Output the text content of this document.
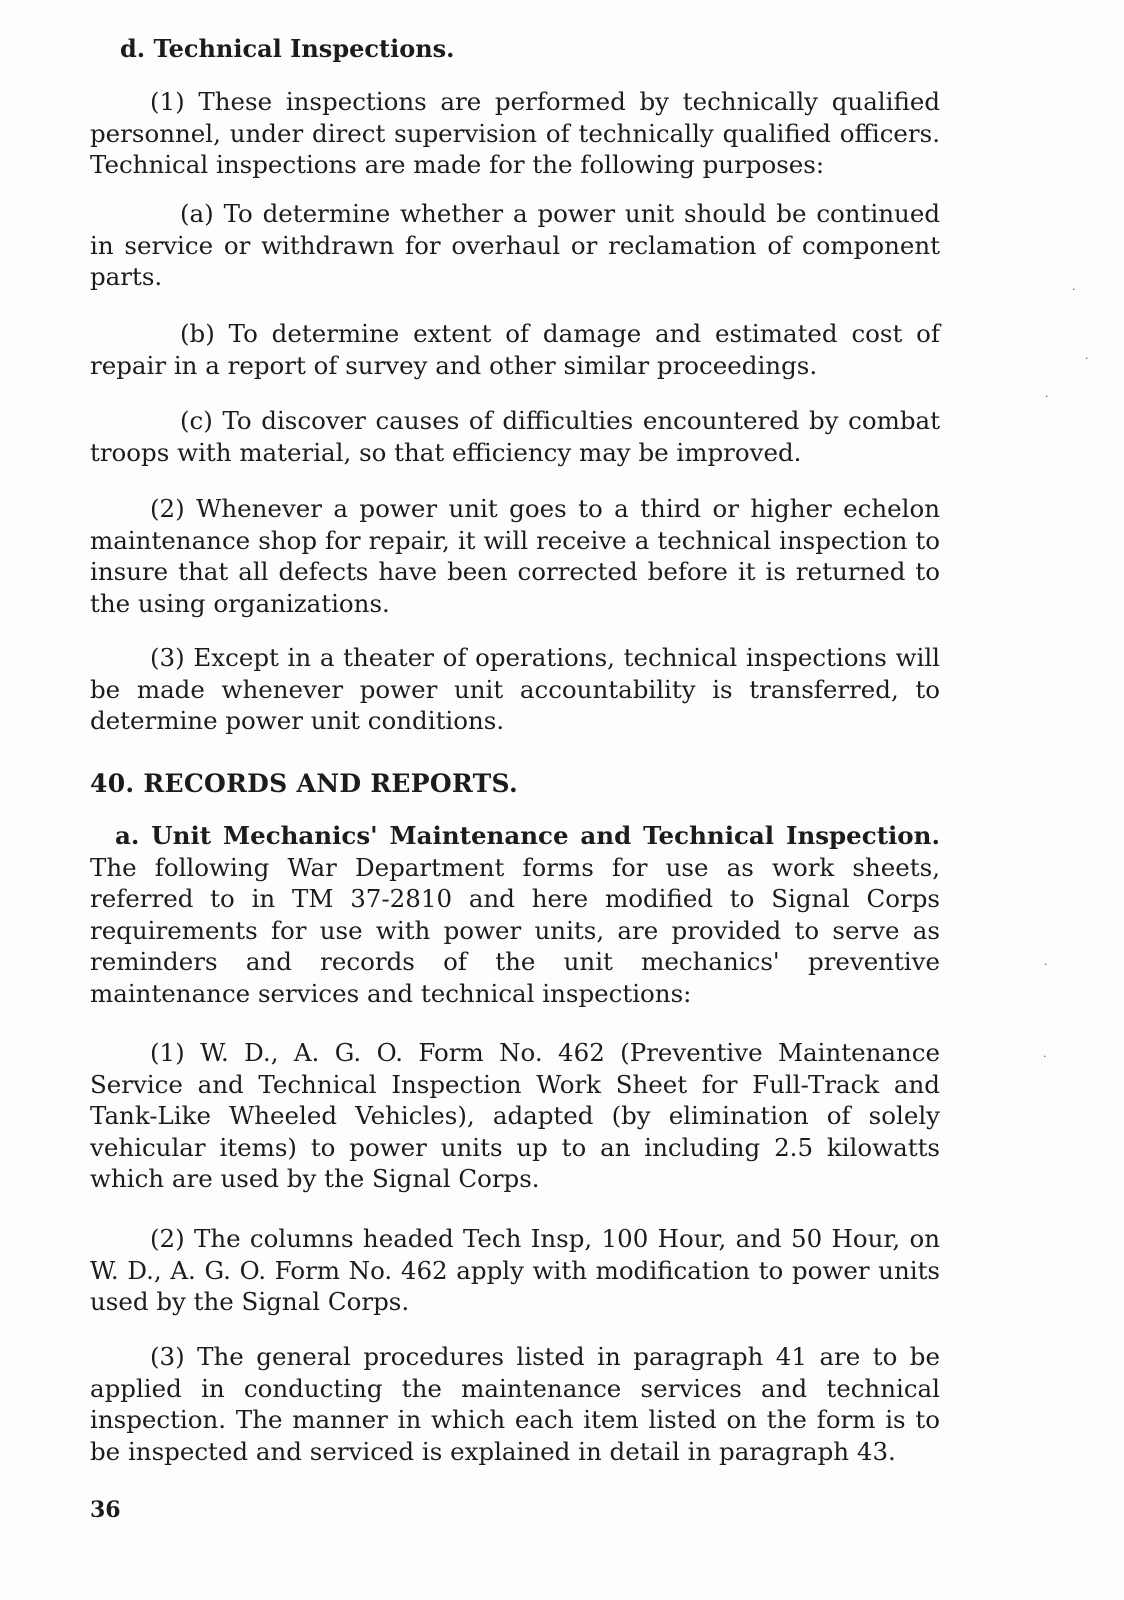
d. Technical Inspections.

(1) These inspections are performed by technically qualified personnel, under direct supervision of technically qualified officers. Technical inspections are made for the following purposes:

(a) To determine whether a power unit should be continued in service or withdrawn for overhaul or reclamation of component parts.

(b) To determine extent of damage and estimated cost of repair in a report of survey and other similar proceedings.

(c) To discover causes of difficulties encountered by combat troops with material, so that efficiency may be improved.

(2) Whenever a power unit goes to a third or higher echelon maintenance shop for repair, it will receive a technical inspection to insure that all defects have been corrected before it is returned to the using organizations.

(3) Except in a theater of operations, technical inspections will be made whenever power unit accountability is transferred, to determine power unit conditions.

40. RECORDS AND REPORTS.

a. Unit Mechanics' Maintenance and Technical Inspection. The following War Department forms for use as work sheets, referred to in TM 37-2810 and here modified to Signal Corps requirements for use with power units, are provided to serve as reminders and records of the unit mechanics' preventive maintenance services and technical inspections:

(1) W. D., A. G. O. Form No. 462 (Preventive Maintenance Service and Technical Inspection Work Sheet for Full-Track and Tank-Like Wheeled Vehicles), adapted (by elimination of solely vehicular items) to power units up to an including 2.5 kilowatts which are used by the Signal Corps.

(2) The columns headed Tech Insp, 100 Hour, and 50 Hour, on W. D., A. G. O. Form No. 462 apply with modification to power units used by the Signal Corps.

(3) The general procedures listed in paragraph 41 are to be applied in conducting the maintenance services and technical inspection. The manner in which each item listed on the form is to be inspected and serviced is explained in detail in paragraph 43.

36
·
·
·
·
·
